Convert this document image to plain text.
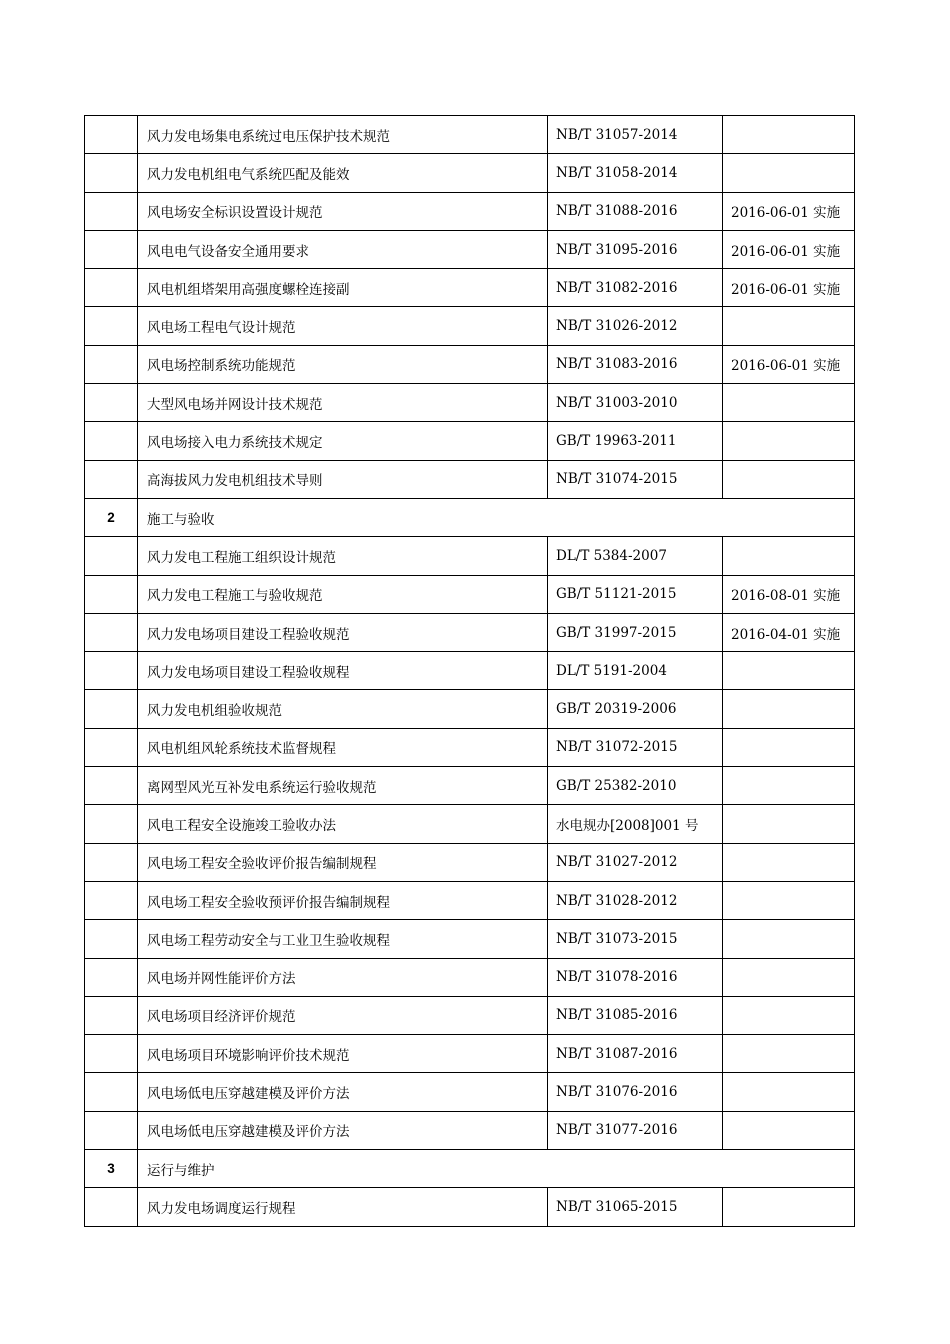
	风力发电场集电系统过电压保护技术规范	NB/T 31057-2014	
	风力发电机组电气系统匹配及能效	NB/T 31058-2014	
	风电场安全标识设置设计规范	NB/T 31088-2016	2016-06-01 实施
	风电电气设备安全通用要求	NB/T 31095-2016	2016-06-01 实施
	风电机组塔架用高强度螺栓连接副	NB/T 31082-2016	2016-06-01 实施
	风电场工程电气设计规范	NB/T 31026-2012	
	风电场控制系统功能规范	NB/T 31083-2016	2016-06-01 实施
	大型风电场并网设计技术规范	NB/T 31003-2010	
	风电场接入电力系统技术规定	GB/T 19963-2011	
	高海拔风力发电机组技术导则	NB/T 31074-2015	
2	施工与验收		
	风力发电工程施工组织设计规范	DL/T 5384-2007	
	风力发电工程施工与验收规范	GB/T 51121-2015	2016-08-01 实施
	风力发电场项目建设工程验收规范	GB/T 31997-2015	2016-04-01 实施
	风力发电场项目建设工程验收规程	DL/T 5191-2004	
	风力发电机组验收规范	GB/T 20319-2006	
	风电机组风轮系统技术监督规程	NB/T 31072-2015	
	离网型风光互补发电系统运行验收规范	GB/T 25382-2010	
	风电工程安全设施竣工验收办法	水电规办[2008]001 号	
	风电场工程安全验收评价报告编制规程	NB/T 31027-2012	
	风电场工程安全验收预评价报告编制规程	NB/T 31028-2012	
	风电场工程劳动安全与工业卫生验收规程	NB/T 31073-2015	
	风电场并网性能评价方法	NB/T 31078-2016	
	风电场项目经济评价规范	NB/T 31085-2016	
	风电场项目环境影响评价技术规范	NB/T 31087-2016	
	风电场低电压穿越建模及评价方法	NB/T 31076-2016	
	风电场低电压穿越建模及评价方法	NB/T 31077-2016	
3	运行与维护		
	风力发电场调度运行规程	NB/T 31065-2015	
